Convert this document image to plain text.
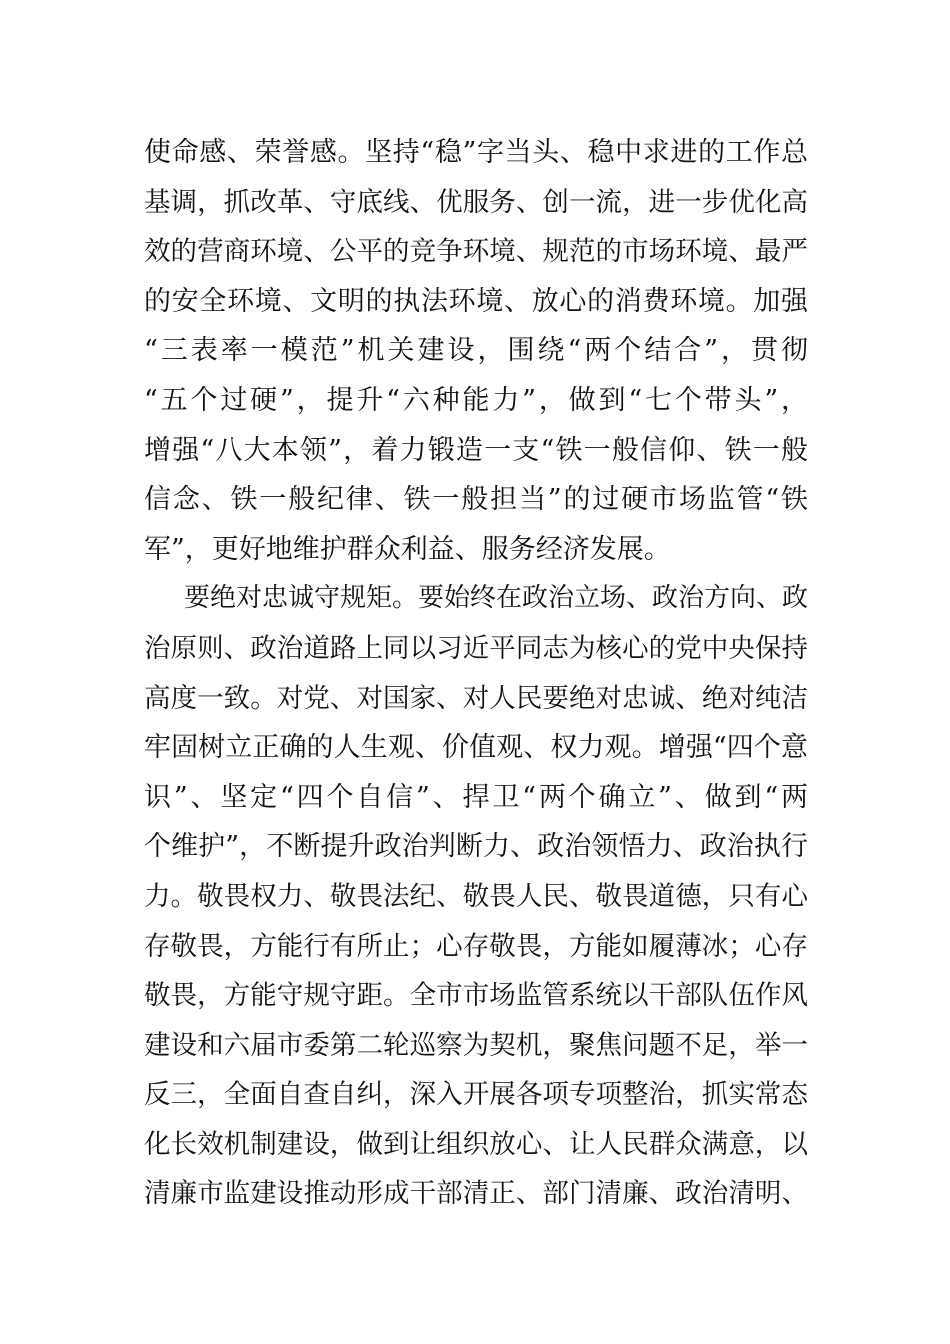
使命感、荣誉感。坚持“稳”字当头、稳中求进的工作总
基调，抓改革、守底线、优服务、创一流，进一步优化高
效的营商环境、公平的竞争环境、规范的市场环境、最严
的安全环境、文明的执法环境、放心的消费环境。加强
“三表率一模范”机关建设，围绕“两个结合”，贯彻
“五个过硬”，提升“六种能力”，做到“七个带头”，
增强“八大本领”，着力锻造一支“铁一般信仰、铁一般
信念、铁一般纪律、铁一般担当”的过硬市场监管“铁
军”，更好地维护群众利益、服务经济发展。
要绝对忠诚守规矩。要始终在政治立场、政治方向、政
治原则、政治道路上同以习近平同志为核心的党中央保持
高度一致。对党、对国家、对人民要绝对忠诚、绝对纯洁
牢固树立正确的人生观、价值观、权力观。增强“四个意
识”、坚定“四个自信”、捍卫“两个确立”、做到“两
个维护”，不断提升政治判断力、政治领悟力、政治执行
力。敬畏权力、敬畏法纪、敬畏人民、敬畏道德，只有心
存敬畏，方能行有所止；心存敬畏，方能如履薄冰；心存
敬畏，方能守规守距。全市市场监管系统以干部队伍作风
建设和六届市委第二轮巡察为契机，聚焦问题不足，举一
反三，全面自查自纠，深入开展各项专项整治，抓实常态
化长效机制建设，做到让组织放心、让人民群众满意，以
清廉市监建设推动形成干部清正、部门清廉、政治清明、
